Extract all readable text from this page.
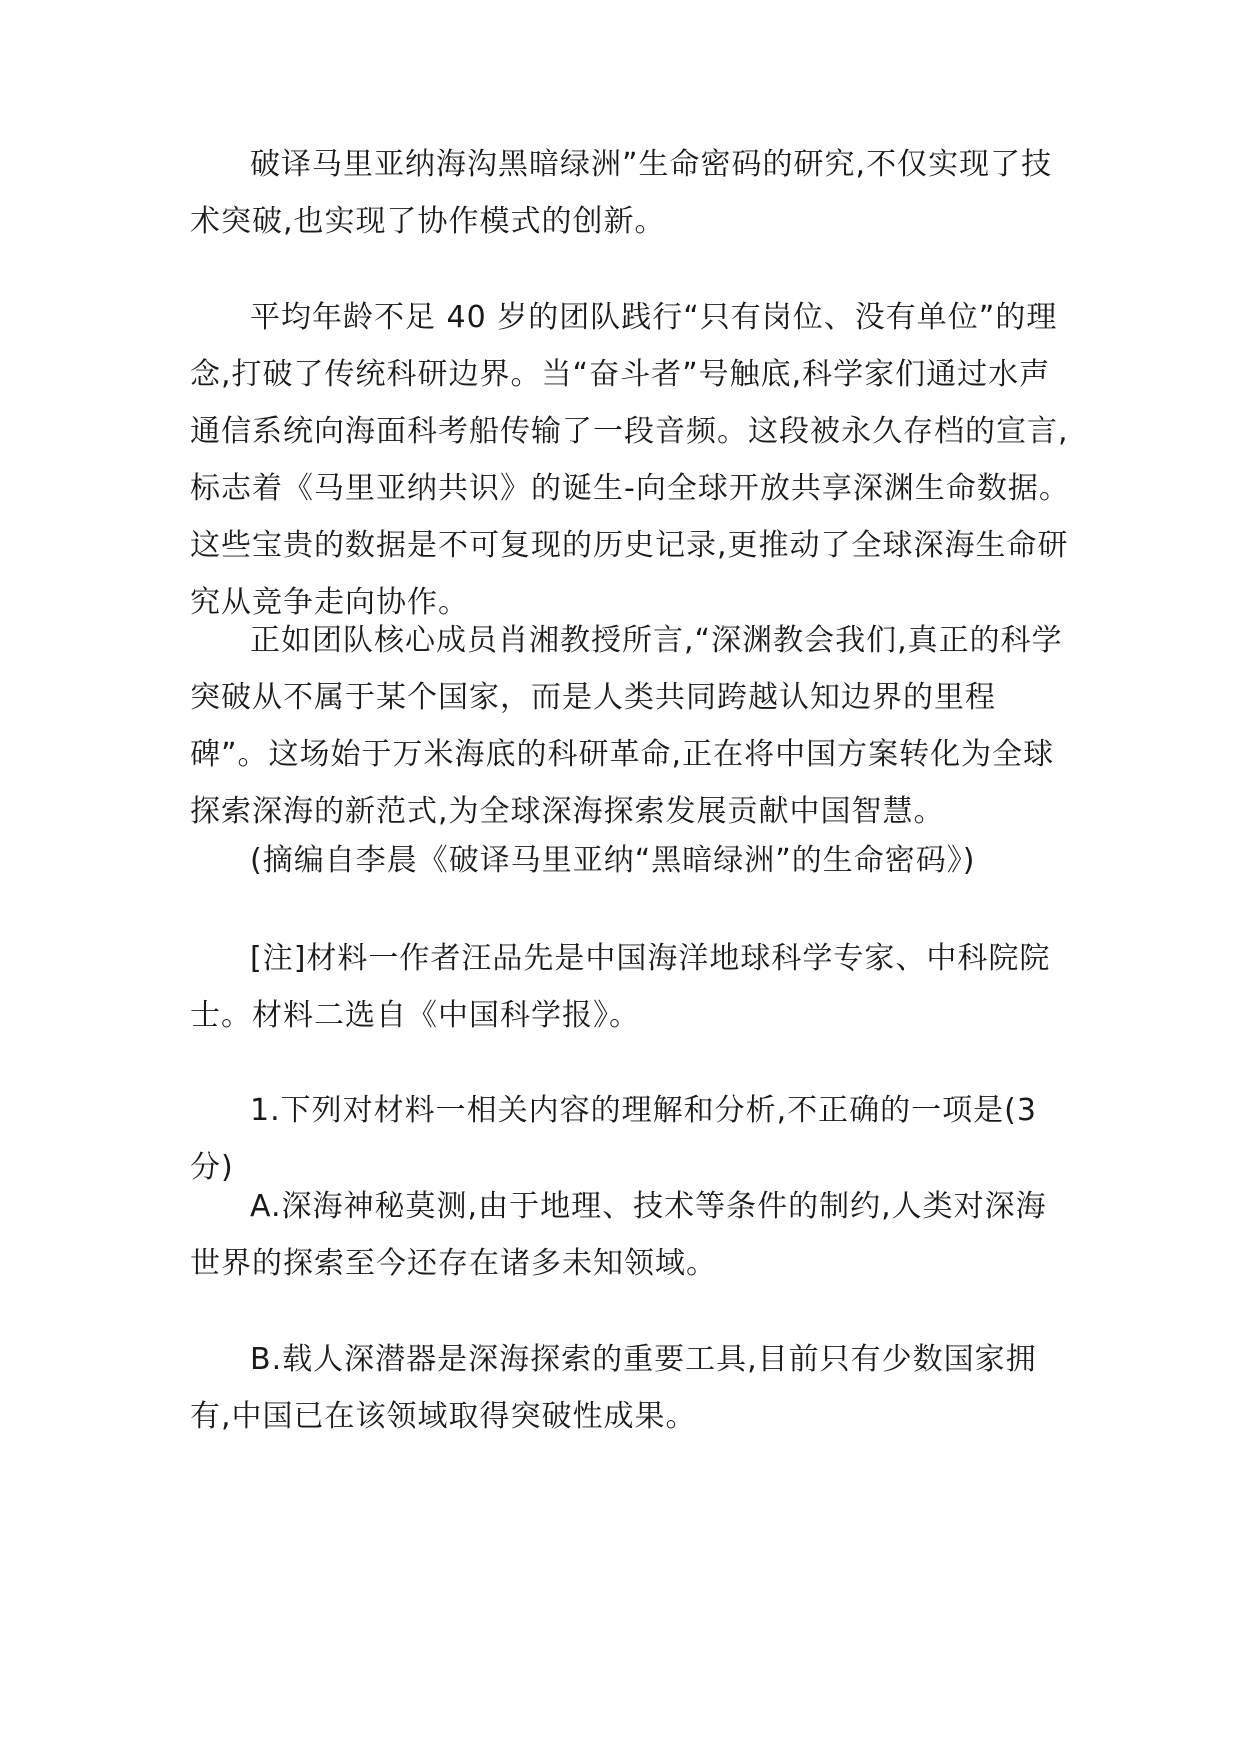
破译马里亚纳海沟黑暗绿洲”生命密码的研究,不仅实现了技术突破,也实现了协作模式的创新。

平均年龄不足 40 岁的团队践行“只有岗位、没有单位”的理念,打破了传统科研边界。当“奋斗者”号触底,科学家们通过水声通信系统向海面科考船传输了一段音频。这段被永久存档的宣言,标志着《马里亚纳共识》的诞生-向全球开放共享深渊生命数据。这些宝贵的数据是不可复现的历史记录,更推动了全球深海生命研究从竞争走向协作。

正如团队核心成员肖湘教授所言,“深渊教会我们,真正的科学突破从不属于某个国家，而是人类共同跨越认知边界的里程碑”。这场始于万米海底的科研革命,正在将中国方案转化为全球探索深海的新范式,为全球深海探索发展贡献中国智慧。

(摘编自李晨《破译马里亚纳“黑暗绿洲”的生命密码》)

[注]材料一作者汪品先是中国海洋地球科学专家、中科院院士。材料二选自《中国科学报》。

1.下列对材料一相关内容的理解和分析,不正确的一项是(3 分)

A.深海神秘莫测,由于地理、技术等条件的制约,人类对深海世界的探索至今还存在诸多未知领域。

B.载人深潜器是深海探索的重要工具,目前只有少数国家拥有,中国已在该领域取得突破性成果。
